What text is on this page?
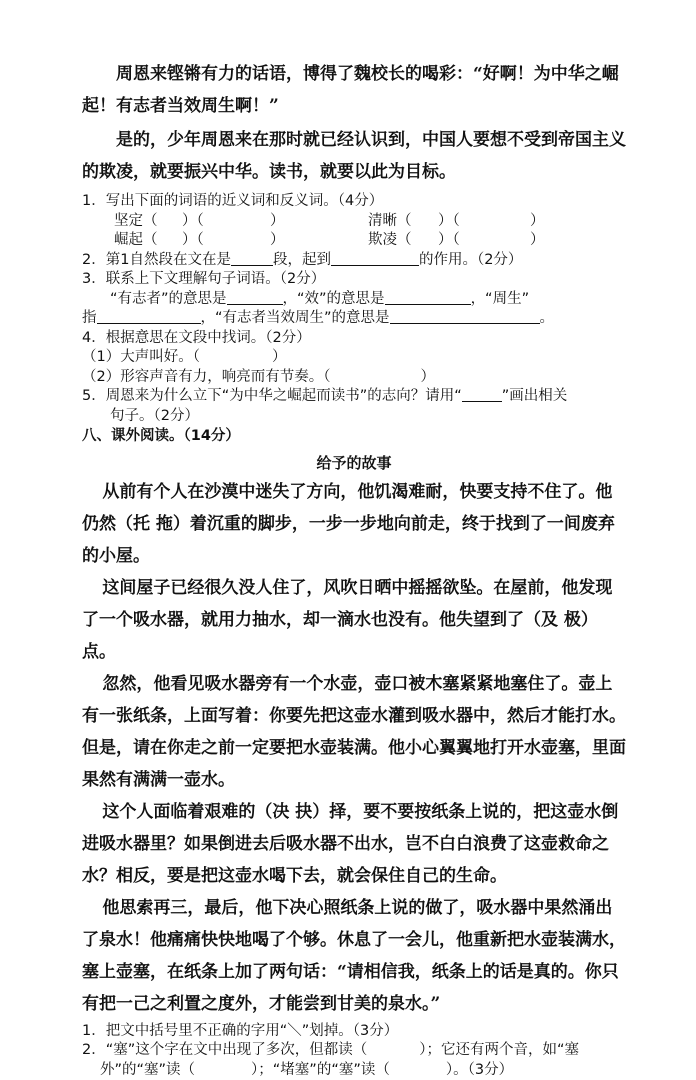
周恩来铿锵有力的话语，博得了魏校长的喝彩：“好啊！为中华之崛起！有志者当效周生啊！”

是的，少年周恩来在那时就已经认识到，中国人要想不受到帝国主义的欺凌，就要振兴中华。读书，就要以此为目标。

1．写出下面的词语的近义词和反义词。（4分）
坚定（	）（	）	清晰（	）（	）
崛起（	）（	）	欺凌（	）（	）
2．第1自然段在文在是	段，起到	的作用。（2分）
3．联系上下文理解句子词语。（2分）
“有志者”的意思是	，“效”的意思是	，“周生”
指	，“有志者当效周生”的意思是	。
4．根据意思在文段中找词。（2分）
（1）大声叫好。（	）
（2）形容声音有力，响亮而有节奏。（	）
5．周恩来为什么立下“为中华之崛起而读书”的志向？请用“	”画出相关
句子。（2分）
八、课外阅读。（14分）
给予的故事

从前有个人在沙漠中迷失了方向，他饥渴难耐，快要支持不住了。他仍然（托 拖）着沉重的脚步，一步一步地向前走，终于找到了一间废弃的小屋。

这间屋子已经很久没人住了，风吹日晒中摇摇欲坠。在屋前，他发现了一个吸水器，就用力抽水，却一滴水也没有。他失望到了（及 极）点。

忽然，他看见吸水器旁有一个水壶，壶口被木塞紧紧地塞住了。壶上有一张纸条，上面写着：你要先把这壶水灌到吸水器中，然后才能打水。但是，请在你走之前一定要把水壶装满。他小心翼翼地打开水壶塞，里面果然有满满一壶水。

这个人面临着艰难的（决 抉）择，要不要按纸条上说的，把这壶水倒进吸水器里？如果倒进去后吸水器不出水，岂不白白浪费了这壶救命之水？相反，要是把这壶水喝下去，就会保住自己的生命。

他思索再三，最后，他下决心照纸条上说的做了，吸水器中果然涌出了泉水！他痛痛快快地喝了个够。休息了一会儿，他重新把水壶装满水，塞上壶塞，在纸条上加了两句话：“请相信我，纸条上的话是真的。你只有把一己之利置之度外，才能尝到甘美的泉水。”

1．把文中括号里不正确的字用“＼”划掉。（3分）
2．“塞”这个字在文中出现了多次，但都读（	）；它还有两个音，如“塞
外”的“塞”读（	）；“堵塞”的“塞”读（	）。（3分）
